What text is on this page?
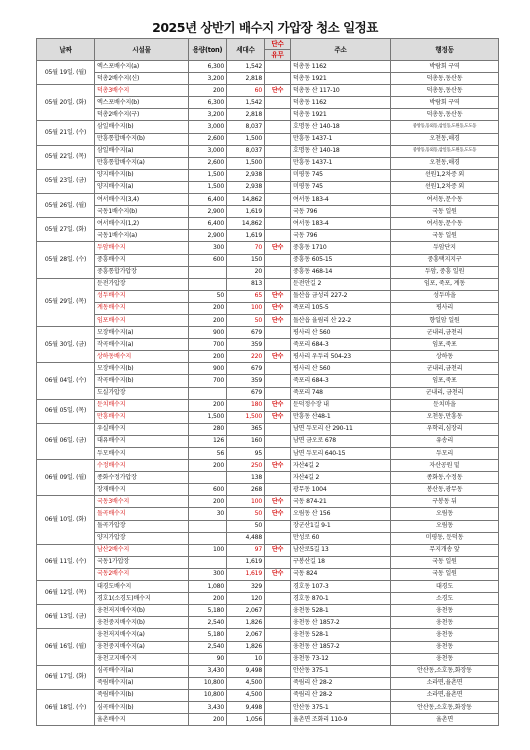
2025년 상반기 배수지 가압장 청소 일정표
날짜	시설물	용량(ton)	세대수	단수	주소	행정동
				유무		
05월 19일. (월)	엑스포배수지(a)	6,300	1,542		덕총동 1162	박람회 구역
	덕총2배수지(신)	3,200	2,818		덕총동 1921	덕총동,동산동
05월 20일. (화)	덕총3배수지	200	60	단수	덕총동 산 117-10	덕총동,동산동
	엑스포배수지(b)	6,300	1,542		덕총동 1162	박람회 구역
	덕총2배수지(구)	3,200	2,818		덕총동 1921	덕총동,동산동
05월 21일. (수)	삼일배수지(b)	3,000	8,037		호명동 산 140-18	중앙동,동외동,삼일동,도원동,도도동
	만흥통합배수지(b)	2,600	1,500		만흥동 1437-1	오천동,해경
05월 22일. (목)	삼일배수지(a)	3,000	8,037		호명동 산 140-18	중앙동,동외동,삼일동,도원동,도도동
	만흥통합배수지(a)	2,600	1,500		만흥동 1437-1	오천동,해경
05월 23일. (금)	양지배수지(b)	1,500	2,938		미평동 745	선원1,2차증 외
	양지배수지(a)	1,500	2,938		미평동 745	선원1,2차증 외
05월 26일. (월)	여서배수지(3,4)	6,400	14,862		여서동 183-4	여서동,문수동
	국동1배수지(b)	2,900	1,619		국동 796	국동 일원
05월 27일. (화)	여서배수지(1,2)	6,400	14,862		여서동 183-4	여서동,문수동
	국동1배수지(a)	2,900	1,619		국동 796	국동 일원
05월 28일. (수)	두암배수지	300	70	단수	중흥동 1710	두암단지
	중흥배수지	600	150		중흥동 605-15	중흥택지지구
	중흥통합가압장		20		중흥동 468-14	두암, 중흥 일원
05월 29일. (목)	둔전가압장		813		둔전안길 2	임포, 죽포, 계동
	성두배수지	50	65	단수	돌산읍 금성리 227-2	성두마을
	계동배수지	200	100	단수	죽포리 105-5	평사리
	임포배수지	200	50	단수	돌산읍 율림리 산 22-2	향일암 일원
05월 30일. (금)	모장배수지(a)	900	679		평사리 산 560	군내리,금천리
	작곡배수지(a)	700	359		죽포리 684-3	임포,죽포
	상하동배수지	200	220	단수	평사리 우두리 504-23	상하동
06월 04일. (수)	모장배수지(b)	900	679		평사리 산 560	군내리,금천리
	작곡배수지(b)	700	359		죽포리 684-3	임포,죽포
	도실가압장		679		죽포리 748	군내리, 금천리
06월 05일. (목)	둔치배수지	200	180	단수	둔덕정수장 내	둔치마을
	만흥배수지	1,500	1,500	단수	만흥동 산48-1	오천동,만흥동
06월 06일. (금)	우실배수지	280	365		남면 두모리 산 290-11	우학리,심장리
	대유배수지	126	160		남면 금오로 678	유송리
	두모배수지	56	95		남면 두모리 640-15	두모리
06월 09일. (월)	수정배수지	200	250	단수	자산4길 2	자산공원 밑
	종화수정가압장		138		자산4길 2	종화동,수정동
	장재배수지	600	268		광무동 1004	봉산동,광무동
06월 10일. (화)	국동3배수지	200	100	단수	국동 874-21	구봉동 뒤
	돌곡배수지	30	50	단수	오림동 산 156	오림동
	돌곡가압장		50		장군산1길 9-1	오림동
	양지가압장		4,488		만성로 60	미평동, 둔덕동
06월 11일. (수)	남산2배수지	100	97	단수	남산로5길 13	무지개송 앞
	국동1가압장		1,619		구봉산길 18	국동 일원
	국동2배수지	300	1,619	단수	국동 824	국동 일원
06월 12일. (목)	대경도배수지	1,080	329		경호동 107-3	대경도
	경호1(소경도)배수지	200	120		경호동 870-1	소경도
06월 13일. (금)	웅천저지배수지(b)	5,180	2,067		웅천동 528-1	웅천동
	웅천중지배수지(b)	2,540	1,826		웅천동 산 1857-2	웅천동
06월 16일. (월)	웅천저지배수지(a)	5,180	2,067		웅천동 528-1	웅천동
	웅천중지배수지(a)	2,540	1,826		웅천동 산 1857-2	웅천동
	웅천고지배수지	90	10		웅천동 73-12	웅천동
06월 17일. (화)	심곡배수지(a)	3,430	9,498		안산동 375-1	안산동,소호동,화장동
	죽림배수지(a)	10,800	4,500		죽림리 산 28-2	소라면,율촌면
06월 18일. (수)	죽림배수지(b)	10,800	4,500		죽림리 산 28-2	소라면,율촌면
	심곡배수지(b)	3,430	9,498		안산동 375-1	안산동,소호동,화장동
	율촌배수지	200	1,056		율촌면 조화리 110-9	율촌면
